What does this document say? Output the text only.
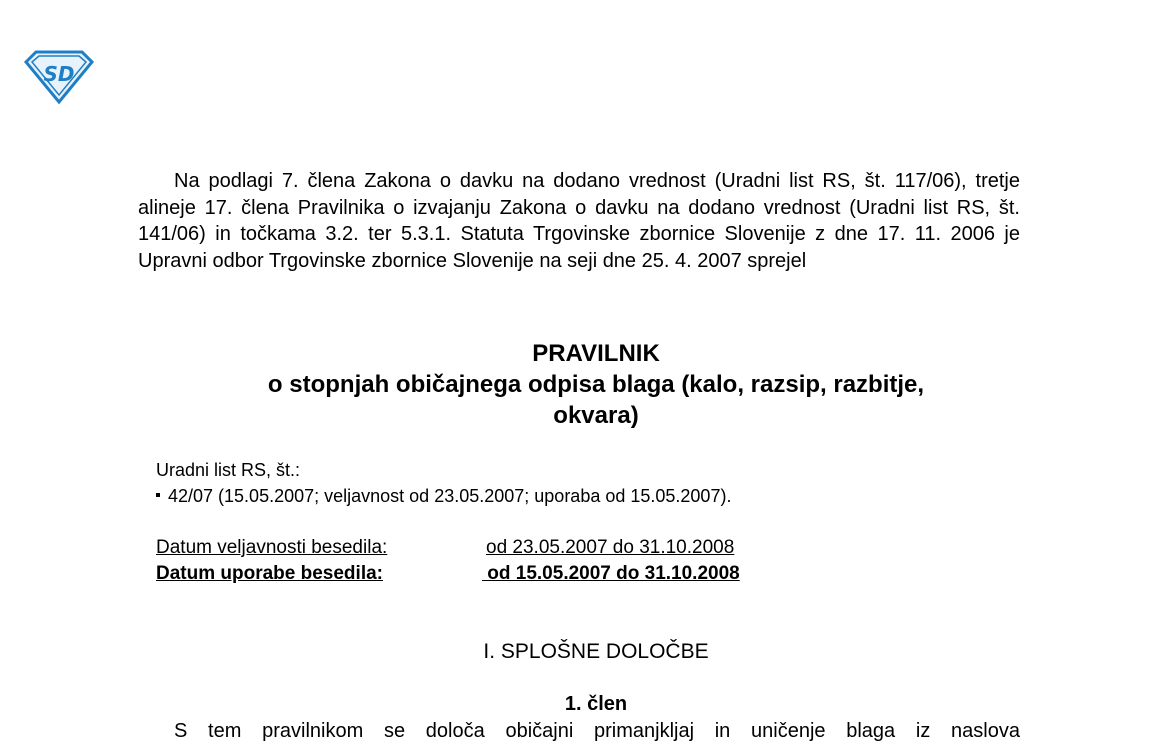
SD

Na podlagi 7. člena Zakona o davku na dodano vrednost (Uradni list RS, št. 117/06), tretje alineje 17. člena Pravilnika o izvajanju Zakona o davku na dodano vrednost (Uradni list RS, št. 141/06) in točkama 3.2. ter 5.3.1. Statuta Trgovinske zbornice Slovenije z dne 17. 11. 2006 je Upravni odbor Trgovinske zbornice Slovenije na seji dne 25. 4. 2007 sprejel

PRAVILNIK
o stopnjah običajnega odpisa blaga (kalo, razsip, razbitje,
okvara)
Uradni list RS, št.:
42/07 (15.05.2007; veljavnost od 23.05.2007; uporaba od 15.05.2007).
Datum veljavnosti besedila:	od 23.05.2007 do 31.10.2008
Datum uporabe besedila:	od 15.05.2007 do 31.10.2008
I. SPLOŠNE DOLOČBE
1. člen
S tem pravilnikom se določa običajni primanjkljaj in uničenje blaga iz naslova
